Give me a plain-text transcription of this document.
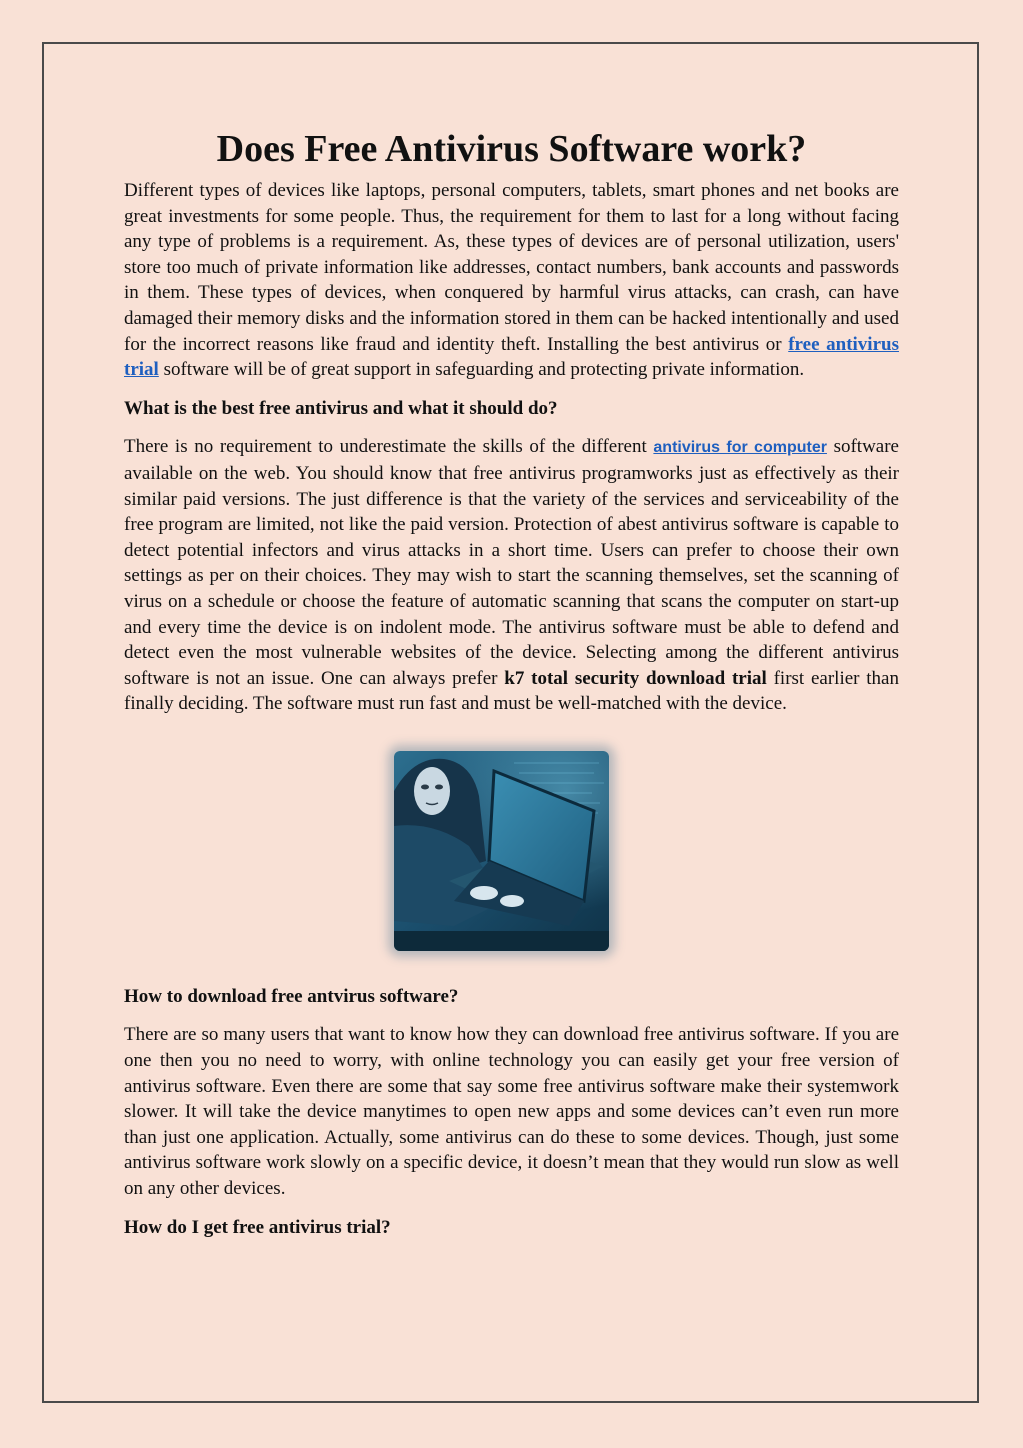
Does Free Antivirus Software work?

Different types of devices like laptops, personal computers, tablets, smart phones and net books are great investments for some people. Thus, the requirement for them to last for a long without facing any type of problems is a requirement. As, these types of devices are of personal utilization, users' store too much of private information like addresses, contact numbers, bank accounts and passwords in them. These types of devices, when conquered by harmful virus attacks, can crash, can have damaged their memory disks and the information stored in them can be hacked intentionally and used for the incorrect reasons like fraud and identity theft. Installing the best antivirus or free antivirus trial software will be of great support in safeguarding and protecting private information.

What is the best free antivirus and what it should do?

There is no requirement to underestimate the skills of the different antivirus for computer software available on the web. You should know that free antivirus programworks just as effectively as their similar paid versions. The just difference is that the variety of the services and serviceability of the free program are limited, not like the paid version. Protection of abest antivirus software is capable to detect potential infectors and virus attacks in a short time. Users can prefer to choose their own settings as per on their choices. They may wish to start the scanning themselves, set the scanning of virus on a schedule or choose the feature of automatic scanning that scans the computer on start-up and every time the device is on indolent mode. The antivirus software must be able to defend and detect even the most vulnerable websites of the device. Selecting among the different antivirus software is not an issue. One can always prefer k7 total security download trial first earlier than finally deciding. The software must run fast and must be well-matched with the device.

How to download free antvirus software?

There are so many users that want to know how they can download free antivirus software. If you are one then you no need to worry, with online technology you can easily get your free version of antivirus software. Even there are some that say some free antivirus software make their systemwork slower. It will take the device manytimes to open new apps and some devices can’t even run more than just one application. Actually, some antivirus can do these to some devices. Though, just some antivirus software work slowly on a specific device, it doesn’t mean that they would run slow as well on any other devices.

How do I get free antivirus trial?
